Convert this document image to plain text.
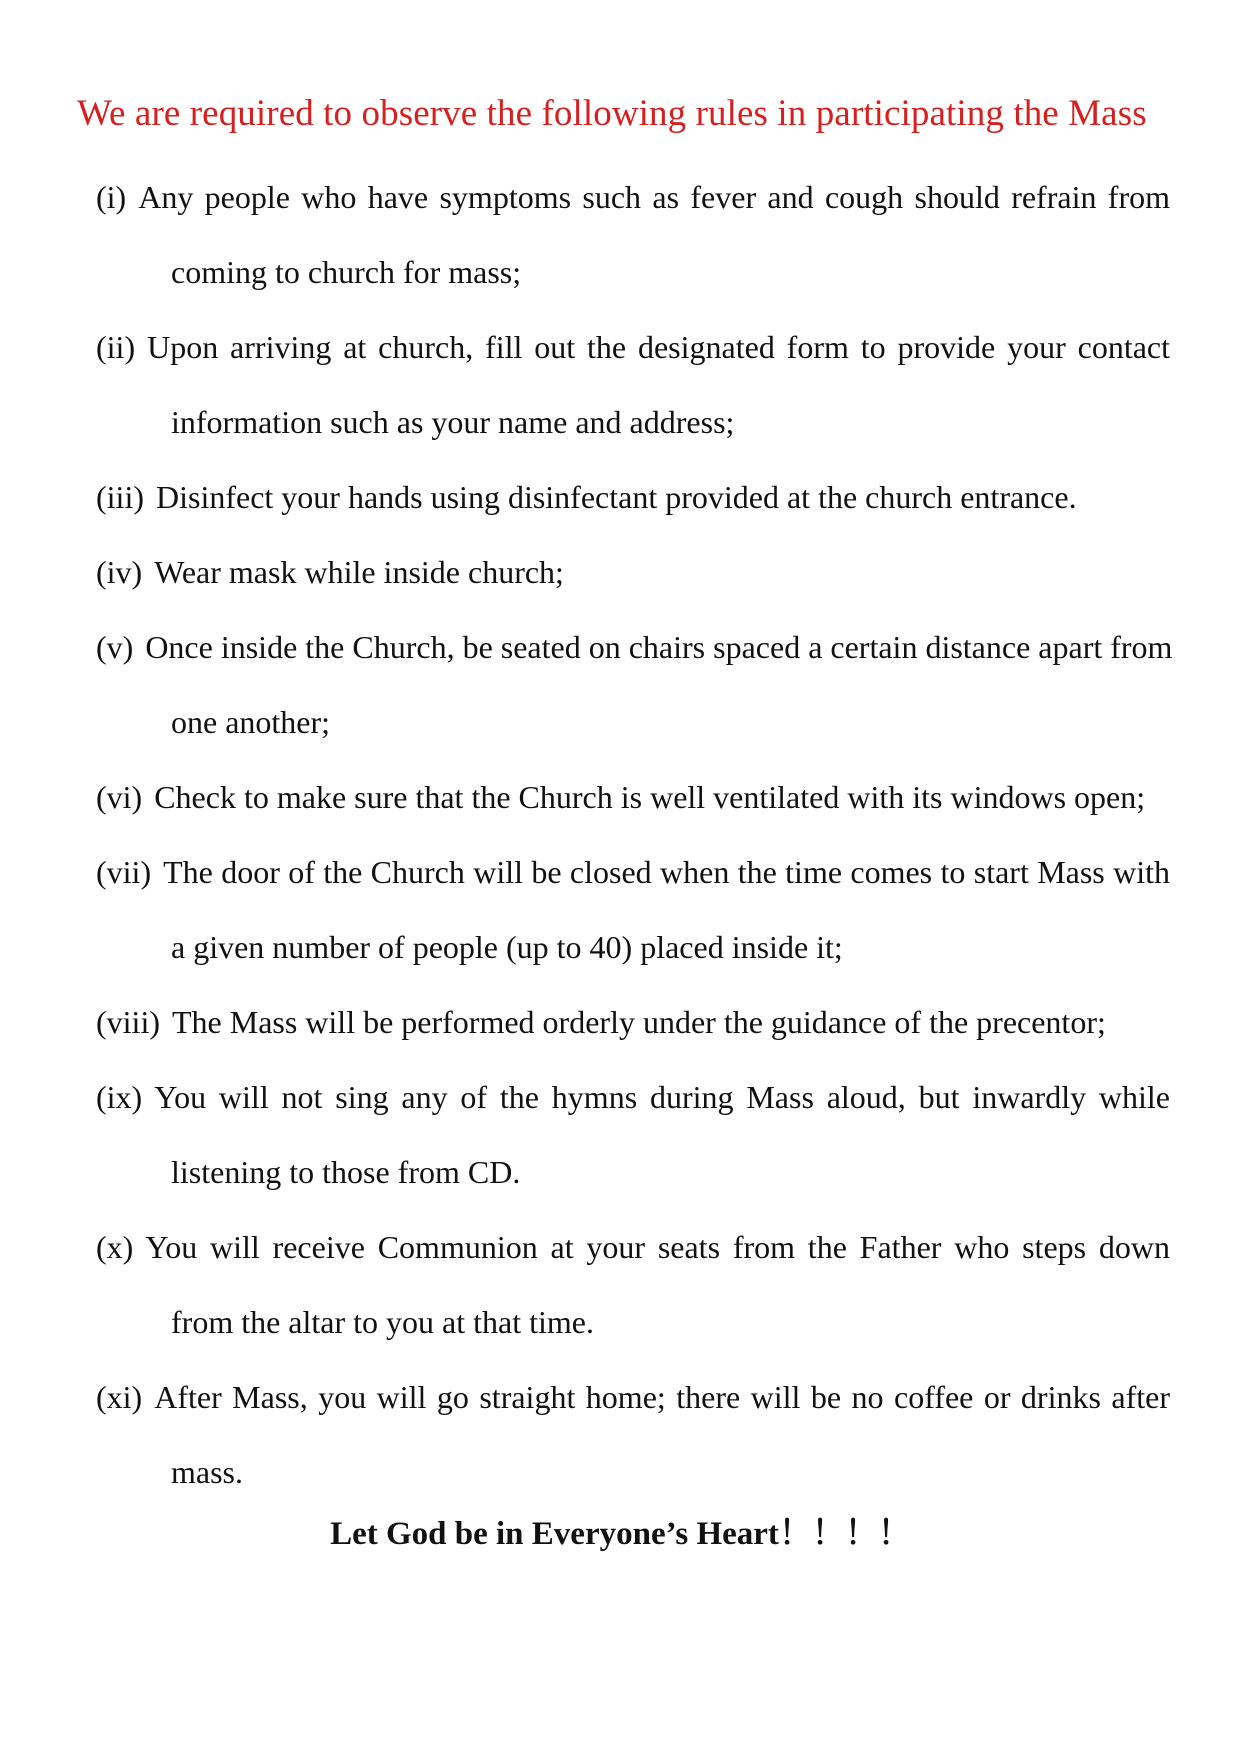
We are required to observe the following rules in participating the Mass
(i) Any people who have symptoms such as fever and cough should refrain from
coming to church for mass;
(ii) Upon arriving at church, fill out the designated form to provide your contact
information such as your name and address;
(iii) Disinfect your hands using disinfectant provided at the church entrance.
(iv) Wear mask while inside church;
(v) Once inside the Church, be seated on chairs spaced a certain distance apart from
one another;
(vi) Check to make sure that the Church is well ventilated with its windows open;
(vii) The door of the Church will be closed when the time comes to start Mass with
a given number of people (up to 40) placed inside it;
(viii) The Mass will be performed orderly under the guidance of the precentor;
(ix) You will not sing any of the hymns during Mass aloud, but inwardly while
listening to those from CD.
(x) You will receive Communion at your seats from the Father who steps down
from the altar to you at that time.
(xi) After Mass, you will go straight home; there will be no coffee or drinks after
mass.
Let God be in Everyone’s Heart！！！！
